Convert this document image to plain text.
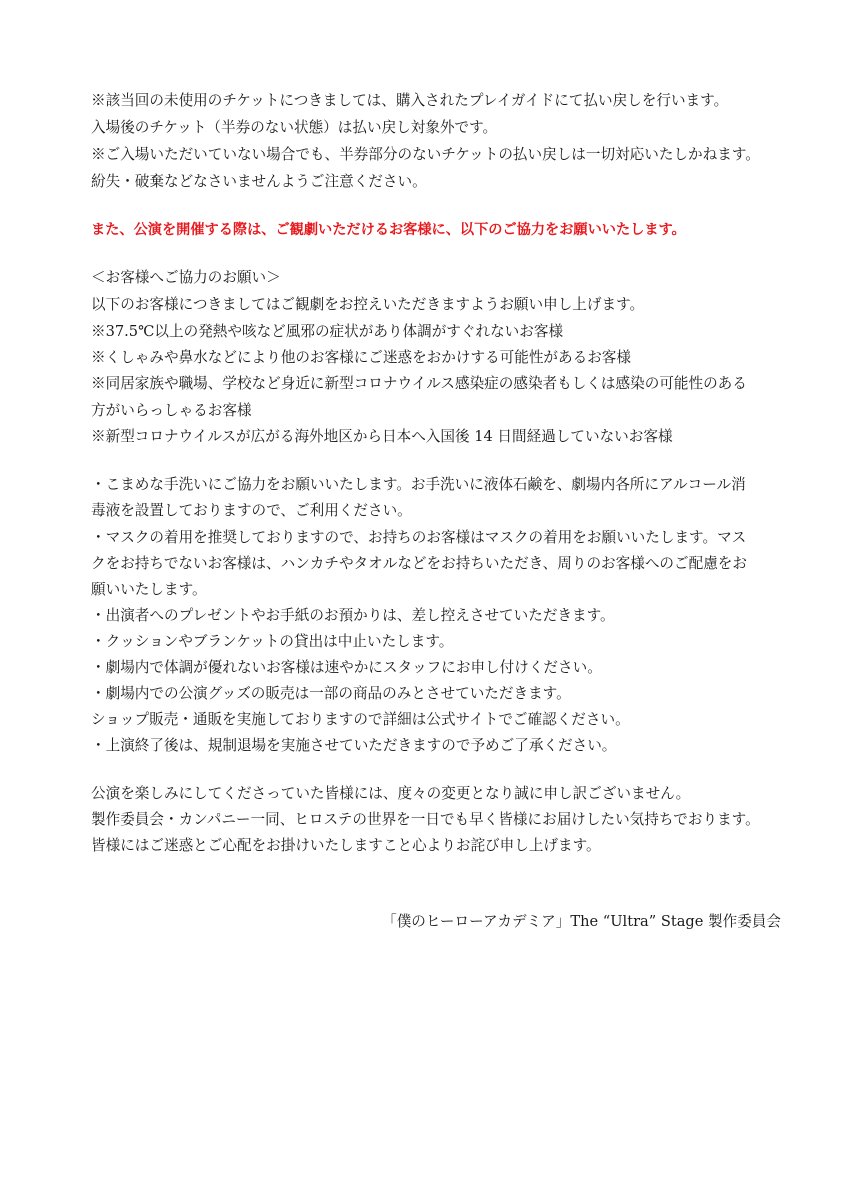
※該当回の未使用のチケットにつきましては、購入されたプレイガイドにて払い戻しを行います。
入場後のチケット（半券のない状態）は払い戻し対象外です。
※ご入場いただいていない場合でも、半券部分のないチケットの払い戻しは一切対応いたしかねます。
紛失・破棄などなさいませんようご注意ください。
また、公演を開催する際は、ご観劇いただけるお客様に、以下のご協力をお願いいたします。
＜お客様へご協力のお願い＞
以下のお客様につきましてはご観劇をお控えいただきますようお願い申し上げます。
※37.5℃以上の発熱や咳など風邪の症状があり体調がすぐれないお客様
※くしゃみや鼻水などにより他のお客様にご迷惑をおかけする可能性があるお客様
※同居家族や職場、学校など身近に新型コロナウイルス感染症の感染者もしくは感染の可能性のある
方がいらっしゃるお客様
※新型コロナウイルスが広がる海外地区から日本へ入国後 14 日間経過していないお客様
・こまめな手洗いにご協力をお願いいたします。お手洗いに液体石鹸を、劇場内各所にアルコール消
毒液を設置しておりますので、ご利用ください。
・マスクの着用を推奨しておりますので、お持ちのお客様はマスクの着用をお願いいたします。マス
クをお持ちでないお客様は、ハンカチやタオルなどをお持ちいただき、周りのお客様へのご配慮をお
願いいたします。
・出演者へのプレゼントやお手紙のお預かりは、差し控えさせていただきます。
・クッションやブランケットの貸出は中止いたします。
・劇場内で体調が優れないお客様は速やかにスタッフにお申し付けください。
・劇場内での公演グッズの販売は一部の商品のみとさせていただきます。
ショップ販売・通販を実施しておりますので詳細は公式サイトでご確認ください。
・上演終了後は、規制退場を実施させていただきますので予めご了承ください。
公演を楽しみにしてくださっていた皆様には、度々の変更となり誠に申し訳ございません。
製作委員会・カンパニー一同、ヒロステの世界を一日でも早く皆様にお届けしたい気持ちでおります。
皆様にはご迷惑とご心配をお掛けいたしますこと心よりお詫び申し上げます。
「僕のヒーローアカデミア」The “Ultra” Stage 製作委員会
